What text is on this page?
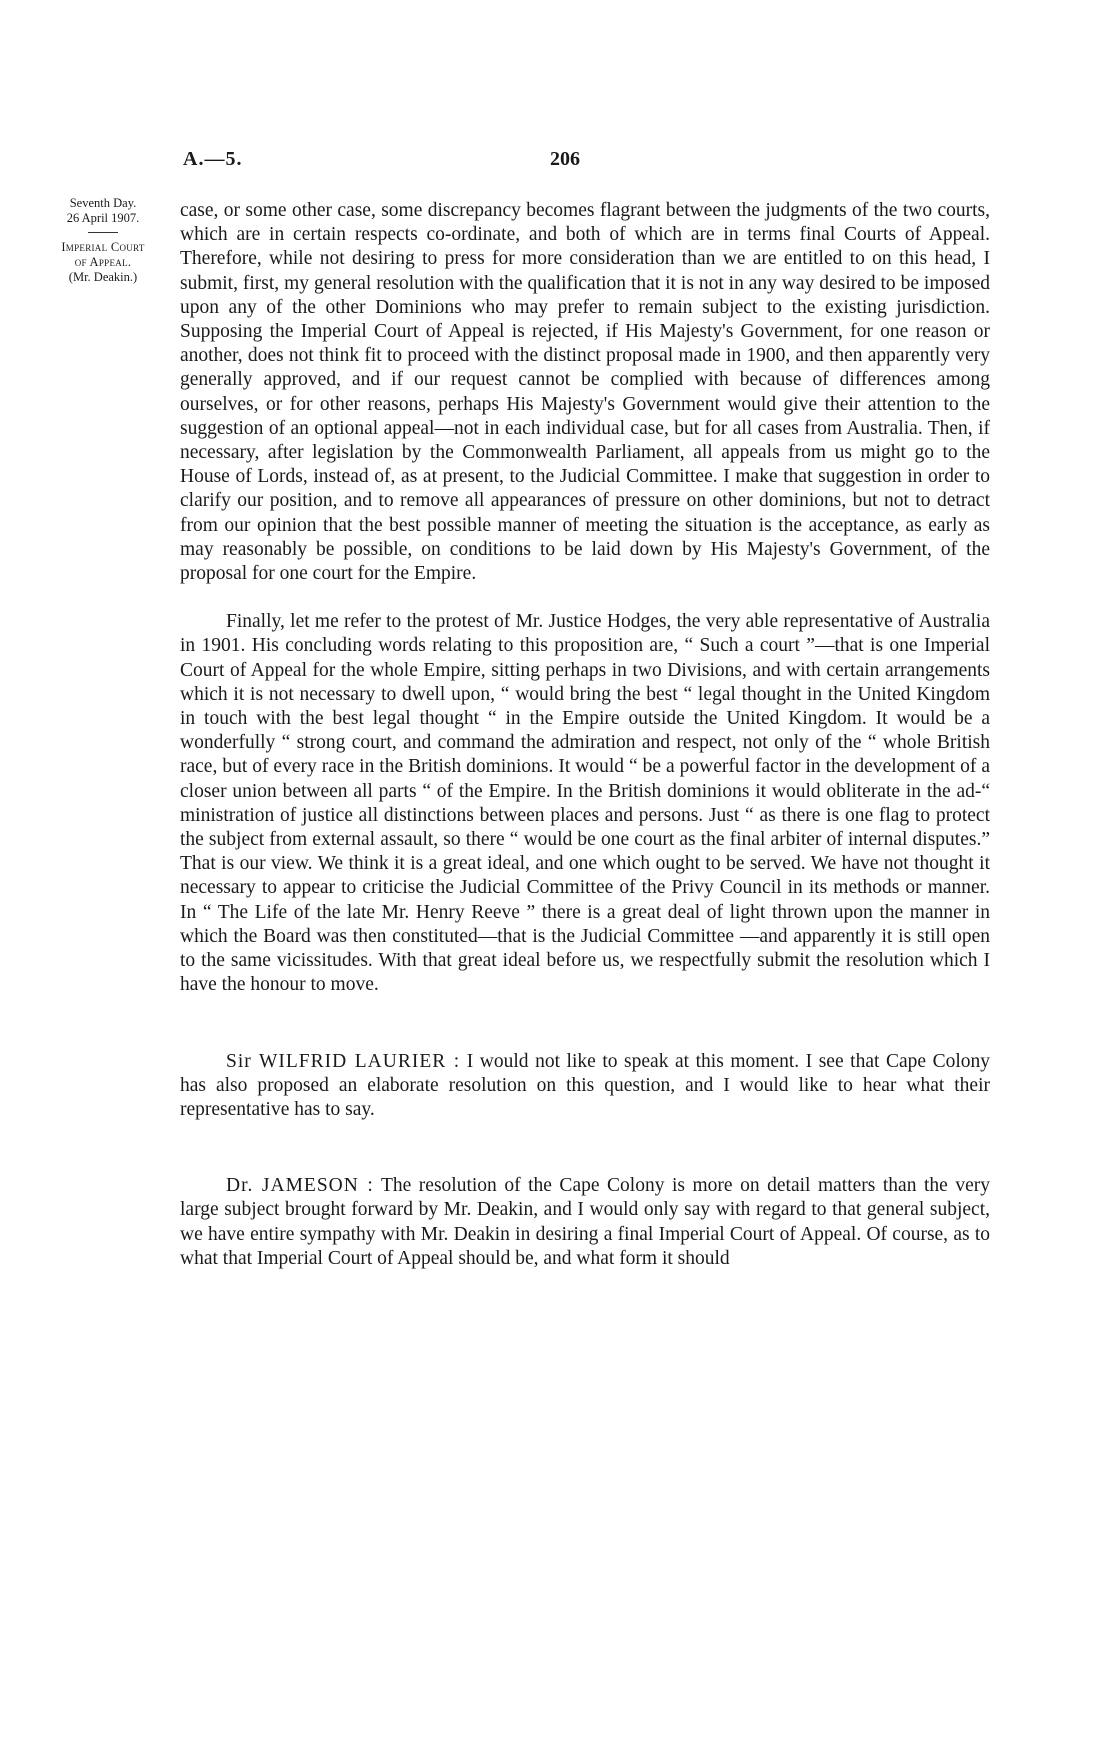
A.—5.	206
Seventh Day.
26 April 1907.
Imperial Court
of Appeal.
(Mr. Deakin.)

case, or some other case, some discrepancy becomes flagrant between the judgments of the two courts, which are in certain respects co-ordinate, and both of which are in terms final Courts of Appeal. Therefore, while not desiring to press for more consideration than we are entitled to on this head, I submit, first, my general resolution with the qualification that it is not in any way desired to be imposed upon any of the other Dominions who may prefer to remain subject to the existing jurisdiction. Supposing the Imperial Court of Appeal is rejected, if His Majesty's Government, for one reason or another, does not think fit to proceed with the distinct proposal made in 1900, and then apparently very generally approved, and if our request cannot be complied with because of differences among ourselves, or for other reasons, perhaps His Majesty's Government would give their attention to the suggestion of an optional appeal—not in each individual case, but for all cases from Australia. Then, if necessary, after legislation by the Commonwealth Parliament, all appeals from us might go to the House of Lords, instead of, as at present, to the Judicial Committee. I make that suggestion in order to clarify our position, and to remove all appearances of pressure on other dominions, but not to detract from our opinion that the best possible manner of meeting the situation is the acceptance, as early as may reasonably be possible, on conditions to be laid down by His Majesty's Government, of the proposal for one court for the Empire.

Finally, let me refer to the protest of Mr. Justice Hodges, the very able representative of Australia in 1901. His concluding words relating to this proposition are, “ Such a court ”—that is one Imperial Court of Appeal for the whole Empire, sitting perhaps in two Divisions, and with certain arrangements which it is not necessary to dwell upon, “ would bring the best “ legal thought in the United Kingdom in touch with the best legal thought “ in the Empire outside the United Kingdom. It would be a wonderfully “ strong court, and command the admiration and respect, not only of the “ whole British race, but of every race in the British dominions. It would “ be a powerful factor in the development of a closer union between all parts “ of the Empire. In the British dominions it would obliterate in the ad-“ ministration of justice all distinctions between places and persons. Just “ as there is one flag to protect the subject from external assault, so there “ would be one court as the final arbiter of internal disputes.” That is our view. We think it is a great ideal, and one which ought to be served. We have not thought it necessary to appear to criticise the Judicial Committee of the Privy Council in its methods or manner. In “ The Life of the late Mr. Henry Reeve ” there is a great deal of light thrown upon the manner in which the Board was then constituted—that is the Judicial Committee —and apparently it is still open to the same vicissitudes. With that great ideal before us, we respectfully submit the resolution which I have the honour to move.

Sir WILFRID LAURIER : I would not like to speak at this moment. I see that Cape Colony has also proposed an elaborate resolution on this question, and I would like to hear what their representative has to say.

Dr. JAMESON : The resolution of the Cape Colony is more on detail matters than the very large subject brought forward by Mr. Deakin, and I would only say with regard to that general subject, we have entire sympathy with Mr. Deakin in desiring a final Imperial Court of Appeal. Of course, as to what that Imperial Court of Appeal should be, and what form it should
